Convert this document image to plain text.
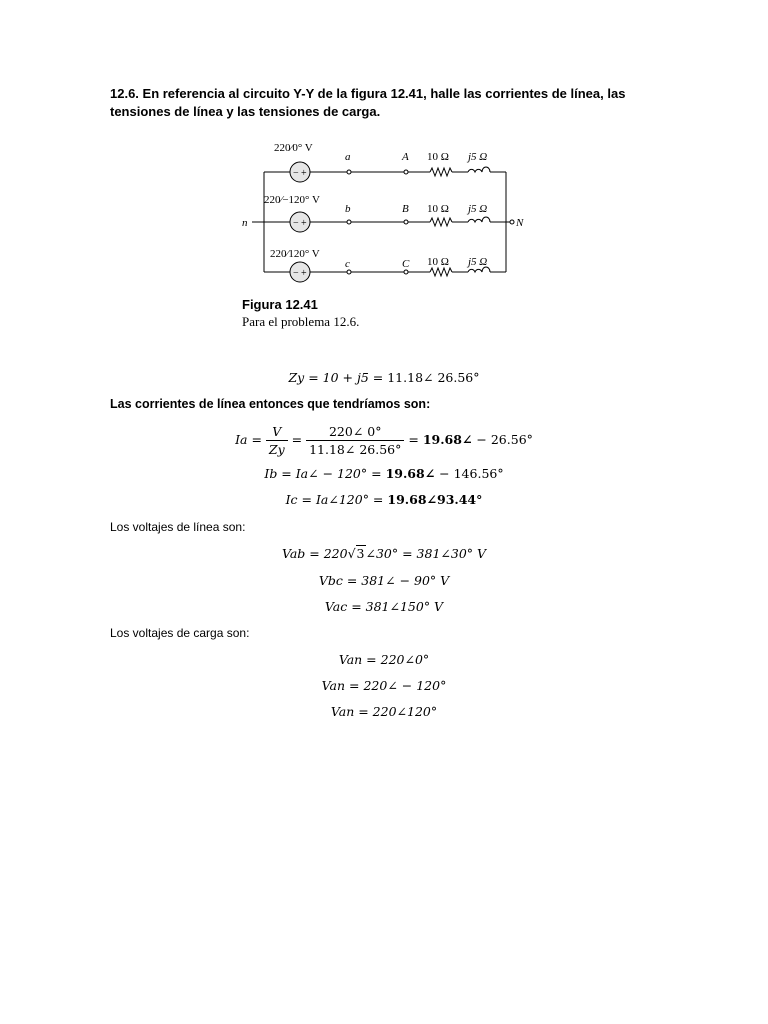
12.6. En referencia al circuito Y-Y de la figura 12.41, halle las corrientes de línea, las tensiones de línea y las tensiones de carga.

− +
− +
− +
220⁄0° V
220⁄−120° V
220⁄120° V
n	N
a
b
c
A
B
C
10 Ω
10 Ω
10 Ω
j5 Ω
j5 Ω
j5 Ω
Figura 12.41
Para el problema 12.6.
Zy = 10 + j5 = 11.18∠ 26.56°

Las corrientes de línea entonces que tendríamos son:

$Ia = \frac{V}{Zy} = \frac{220\angle 0^\circ}{11.18\angle 26.56^\circ}$ = 19.68∠ − 26.56°
Ib = Ia∠ − 120° = 19.68∠ − 146.56°
Ic = Ia∠120° = 19.68∠93.44°

Los voltajes de línea son:

Vab = 220√3∠30° = 381∠30° V
Vbc = 381∠ − 90° V
Vac = 381∠150° V

Los voltajes de carga son:

Van = 220∠0°
Van = 220∠ − 120°
Van = 220∠120°
